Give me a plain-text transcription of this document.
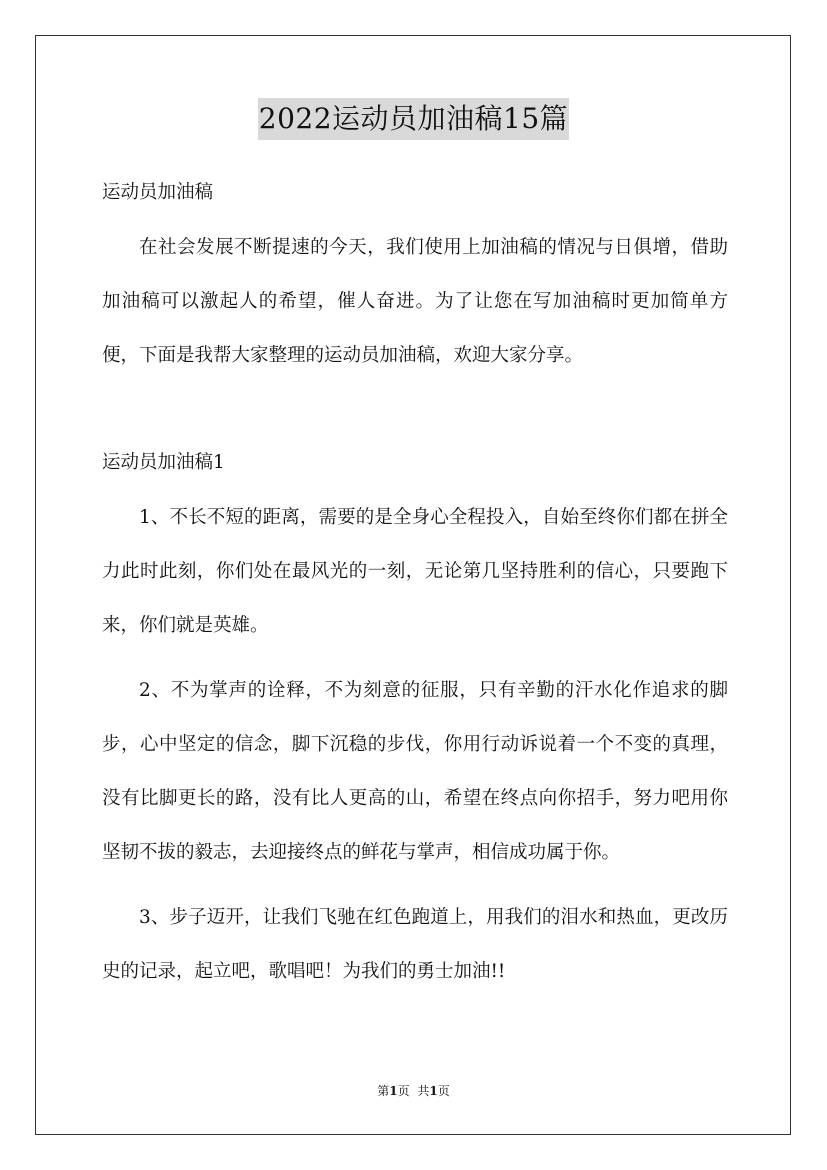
2022运动员加油稿15篇

运动员加油稿

在社会发展不断提速的今天，我们使用上加油稿的情况与日俱增，借助加油稿可以激起人的希望，催人奋进。为了让您在写加油稿时更加简单方便，下面是我帮大家整理的运动员加油稿，欢迎大家分享。

运动员加油稿1

1、不长不短的距离，需要的是全身心全程投入，自始至终你们都在拼全力此时此刻，你们处在最风光的一刻，无论第几坚持胜利的信心，只要跑下来，你们就是英雄。

2、不为掌声的诠释，不为刻意的征服，只有辛勤的汗水化作追求的脚步，心中坚定的信念，脚下沉稳的步伐，你用行动诉说着一个不变的真理，没有比脚更长的路，没有比人更高的山，希望在终点向你招手，努力吧用你坚韧不拔的毅志，去迎接终点的鲜花与掌声，相信成功属于你。

3、步子迈开，让我们飞驰在红色跑道上，用我们的泪水和热血，更改历史的记录，起立吧，歌唱吧！为我们的勇士加油!!

第1页 共1页
